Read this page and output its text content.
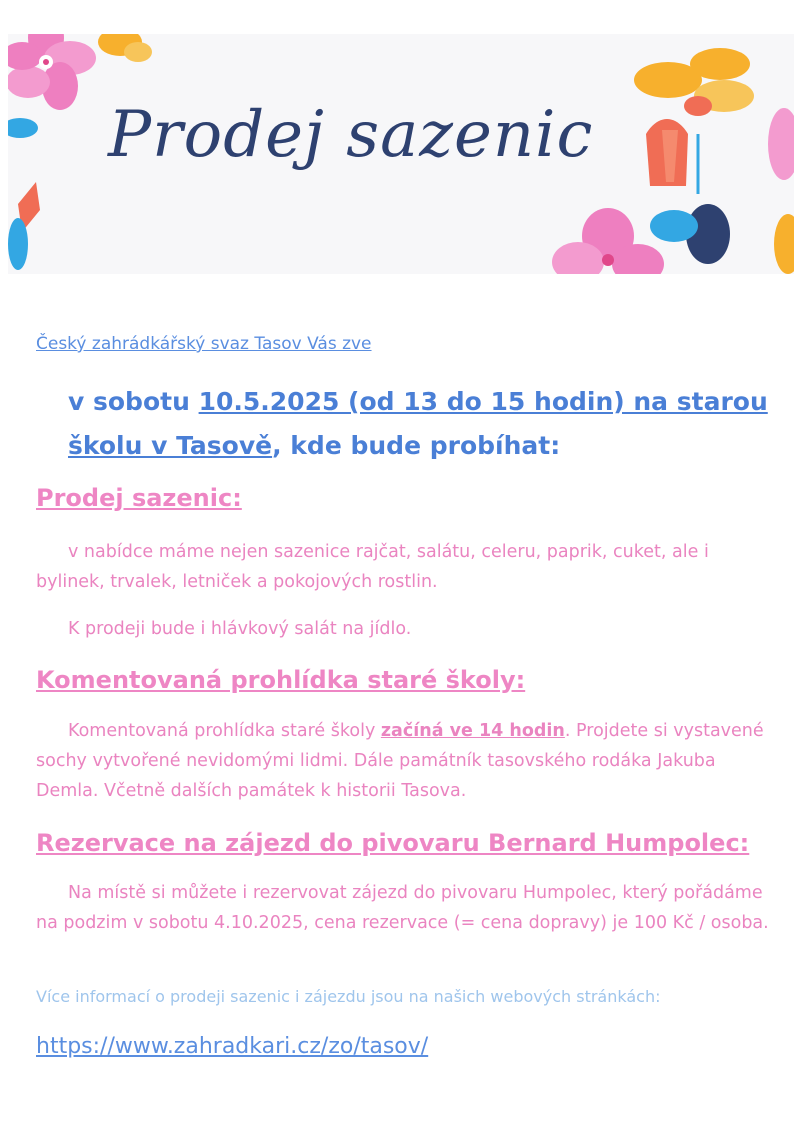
Prodej sazenic
Český zahrádkářský svaz Tasov Vás zve
v sobotu 10.5.2025 (od 13 do 15 hodin) na starou školu v Tasově, kde bude probíhat:
Prodej sazenic:
v nabídce máme nejen sazenice rajčat, salátu, celeru, paprik, cuket, ale i bylinek, trvalek, letniček a pokojových rostlin.
K prodeji bude i hlávkový salát na jídlo.
Komentovaná prohlídka staré školy:
Komentovaná prohlídka staré školy začíná ve 14 hodin. Projdete si vystavené sochy vytvořené nevidomými lidmi. Dále památník tasovského rodáka Jakuba Demla. Včetně dalších památek k historii Tasova.
Rezervace na zájezd do pivovaru Bernard Humpolec:
Na místě si můžete i rezervovat zájezd do pivovaru Humpolec, který pořádáme na podzim v sobotu 4.10.2025, cena rezervace (= cena dopravy) je 100 Kč / osoba.
Více informací o prodeji sazenic i zájezdu jsou na našich webových stránkách:
https://www.zahradkari.cz/zo/tasov/
